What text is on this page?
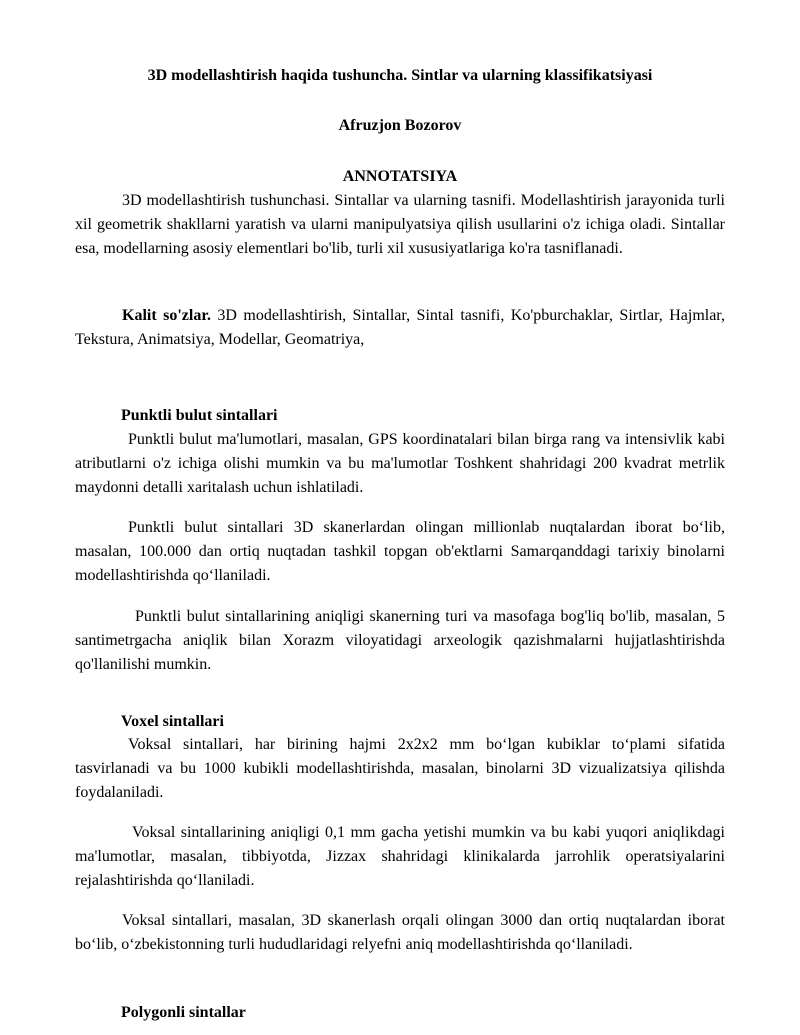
3D modellashtirish haqida tushuncha. Sintlar va ularning klassifikatsiyasi
Afruzjon Bozorov
ANNOTATSIYA

3D modellashtirish tushunchasi. Sintallar va ularning tasnifi. Modellashtirish jarayonida turli xil geometrik shakllarni yaratish va ularni manipulyatsiya qilish usullarini o'z ichiga oladi. Sintallar esa, modellarning asosiy elementlari bo'lib, turli xil xususiyatlariga ko'ra tasniflanadi.

Kalit so'zlar. 3D modellashtirish, Sintallar, Sintal tasnifi, Ko'pburchaklar, Sirtlar, Hajmlar, Tekstura, Animatsiya, Modellar, Geomatriya,

Punktli bulut sintallari

Punktli bulut ma'lumotlari, masalan, GPS koordinatalari bilan birga rang va intensivlik kabi atributlarni o'z ichiga olishi mumkin va bu ma'lumotlar Toshkent shahridagi 200 kvadrat metrlik maydonni detalli xaritalash uchun ishlatiladi.

Punktli bulut sintallari 3D skanerlardan olingan millionlab nuqtalardan iborat bo‘lib, masalan, 100.000 dan ortiq nuqtadan tashkil topgan ob'ektlarni Samarqanddagi tarixiy binolarni modellashtirishda qo‘llaniladi.

Punktli bulut sintallarining aniqligi skanerning turi va masofaga bog'liq bo'lib, masalan, 5 santimetrgacha aniqlik bilan Xorazm viloyatidagi arxeologik qazishmalarni hujjatlashtirishda qo'llanilishi mumkin.

Voxel sintallari

Voksal sintallari, har birining hajmi 2x2x2 mm bo‘lgan kubiklar to‘plami sifatida tasvirlanadi va bu 1000 kubikli modellashtirishda, masalan, binolarni 3D vizualizatsiya qilishda foydalaniladi.

Voksal sintallarining aniqligi 0,1 mm gacha yetishi mumkin va bu kabi yuqori aniqlikdagi ma'lumotlar, masalan, tibbiyotda, Jizzax shahridagi klinikalarda jarrohlik operatsiyalarini rejalashtirishda qo‘llaniladi.

Voksal sintallari, masalan, 3D skanerlash orqali olingan 3000 dan ortiq nuqtalardan iborat bo‘lib, o‘zbekistonning turli hududlaridagi relyefni aniq modellashtirishda qo‘llaniladi.

Polygonli sintallar
